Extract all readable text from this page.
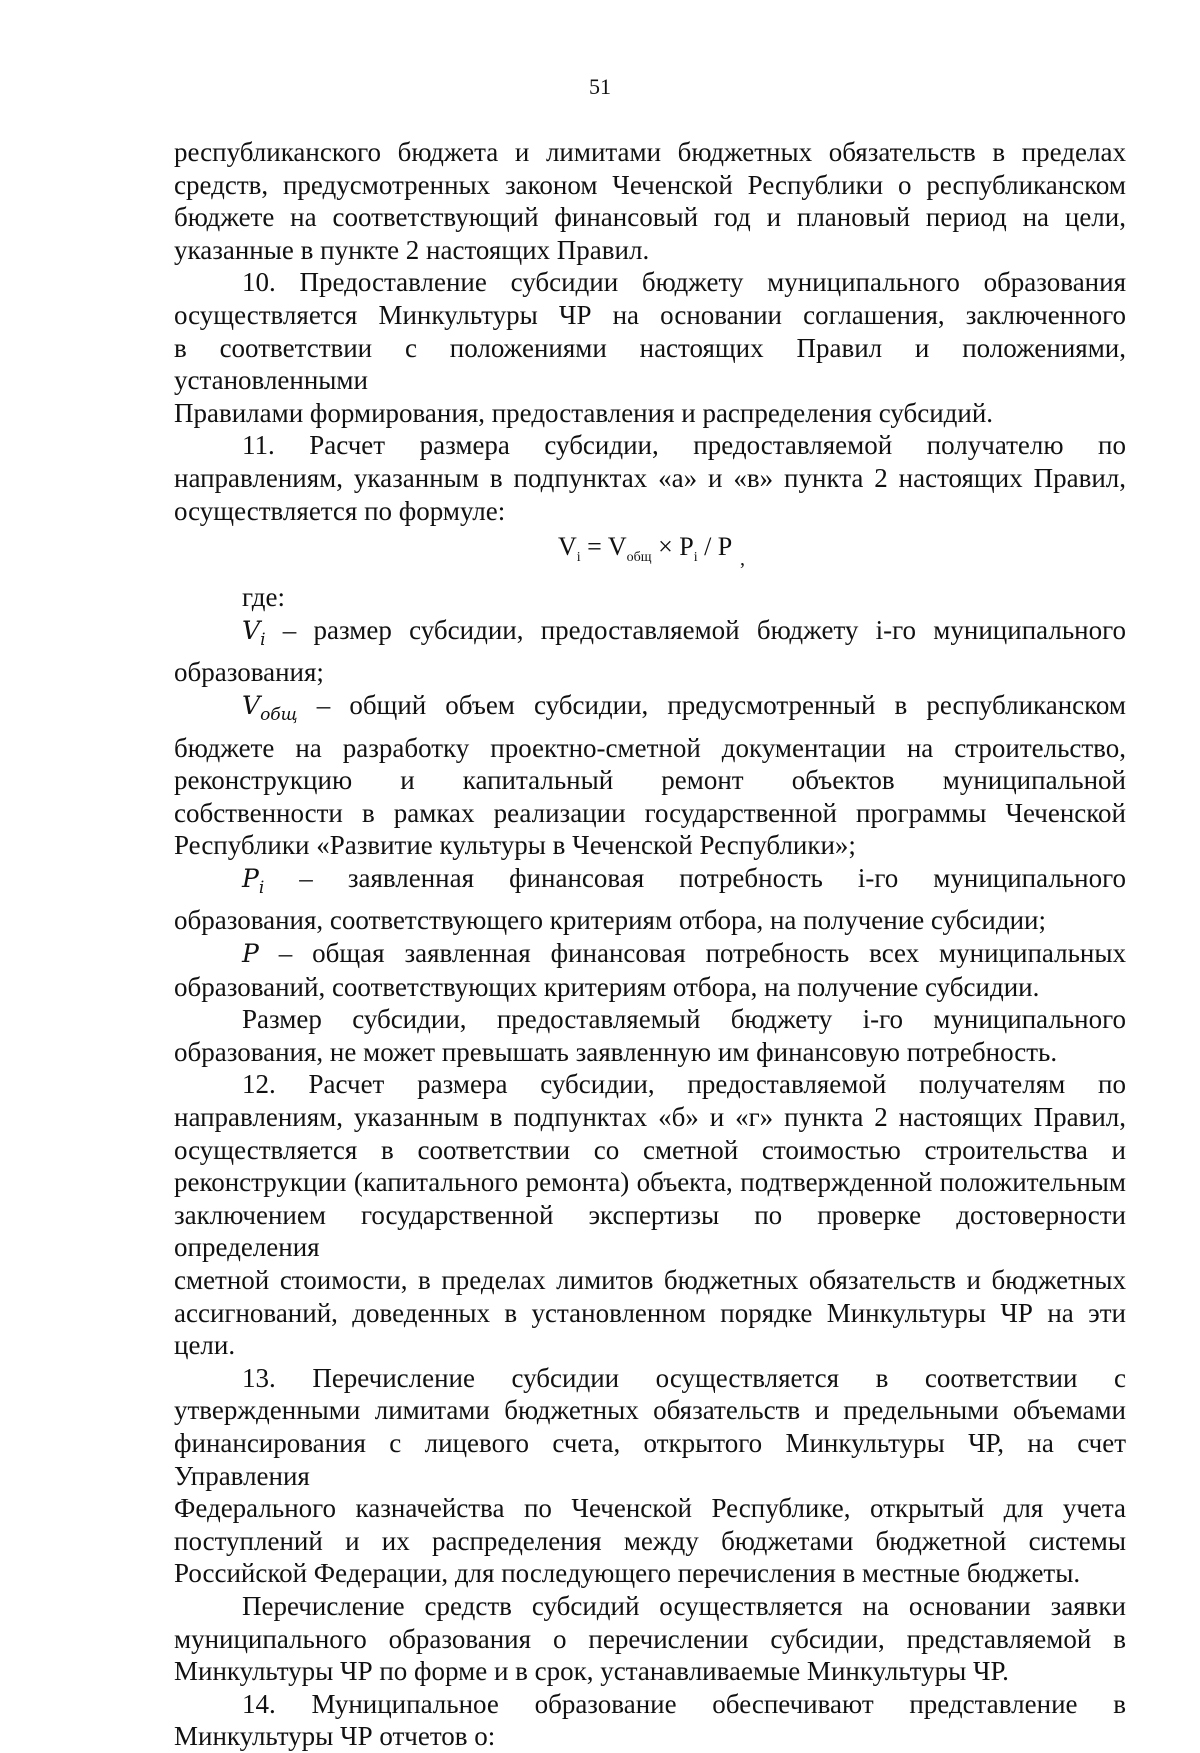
51

республиканского бюджета и лимитами бюджетных обязательств в пределах

средств, предусмотренных законом Чеченской Республики о республиканском

бюджете на соответствующий финансовый год и плановый период на цели,

указанные в пункте 2 настоящих Правил.

10. Предоставление субсидии бюджету муниципального образования

осуществляется Минкультуры ЧР на основании соглашения, заключенного

в соответствии с положениями настоящих Правил и положениями, установленными

Правилами формирования, предоставления и распределения субсидий.

11. Расчет размера субсидии, предоставляемой получателю по

направлениям, указанным в подпунктах «а» и «в» пункта 2 настоящих Правил,

осуществляется по формуле:

$V_i = V_{общ} \times P_i / P$ ,

где:

$V_i$ – размер субсидии, предоставляемой бюджету i-го муниципального

образования;

$V_{общ}$ – общий объем субсидии, предусмотренный в республиканском

бюджете на разработку проектно-сметной документации на строительство,

реконструкцию и капитальный ремонт объектов муниципальной

собственности в рамках реализации государственной программы Чеченской

Республики «Развитие культуры в Чеченской Республики»;

$P_i$ – заявленная финансовая потребность i-го муниципального

образования, соответствующего критериям отбора, на получение субсидии;

P – общая заявленная финансовая потребность всех муниципальных

образований, соответствующих критериям отбора, на получение субсидии.

Размер субсидии, предоставляемый бюджету i-го муниципального

образования, не может превышать заявленную им финансовую потребность.

12. Расчет размера субсидии, предоставляемой получателям по

направлениям, указанным в подпунктах «б» и «г» пункта 2 настоящих Правил,

осуществляется в соответствии со сметной стоимостью строительства и

реконструкции (капитального ремонта) объекта, подтвержденной положительным

заключением государственной экспертизы по проверке достоверности определения

сметной стоимости, в пределах лимитов бюджетных обязательств и бюджетных

ассигнований, доведенных в установленном порядке Минкультуры ЧР на эти цели.

13. Перечисление субсидии осуществляется в соответствии с

утвержденными лимитами бюджетных обязательств и предельными объемами

финансирования с лицевого счета, открытого Минкультуры ЧР, на счет Управления

Федерального казначейства по Чеченской Республике, открытый для учета

поступлений и их распределения между бюджетами бюджетной системы

Российской Федерации, для последующего перечисления в местные бюджеты.

Перечисление средств субсидий осуществляется на основании заявки

муниципального образования о перечислении субсидии, представляемой в

Минкультуры ЧР по форме и в срок, устанавливаемые Минкультуры ЧР.

14. Муниципальное образование обеспечивают представление в

Минкультуры ЧР отчетов о:
